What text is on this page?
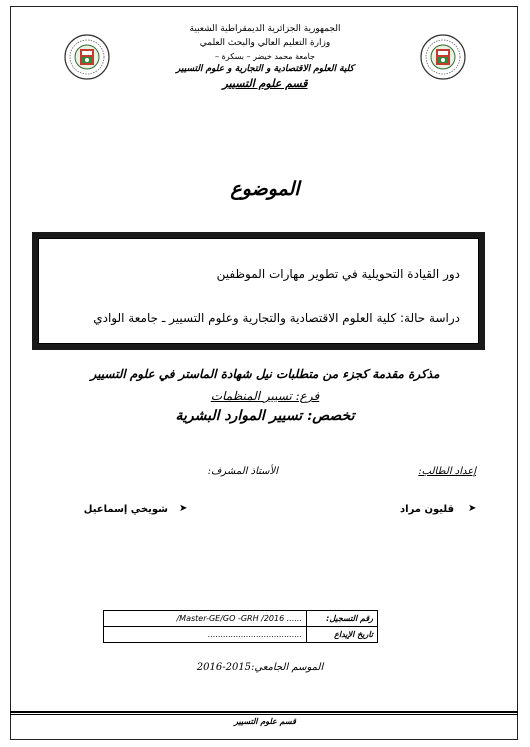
الجمهورية الجزائرية الديمقراطية الشعبية
وزارة التعليم العالي والبحث العلمي
جامعة محمد خيضر – بسكرة –
كلية العلوم الاقتصادية و التجارية و علوم التسيير
قسم علوم التسيير
الموضوع
دور القيادة التحويلية في تطوير مهارات الموظفين
دراسة حالة: كلية العلوم الاقتصادية والتجارية وعلوم التسيير ـ جامعة الوادي
مذكرة مقدمة كجزء من متطلبات نيل شهادة الماستر في علوم التسيير
فرع: تسيير المنظمات
تخصص: تسيير الموارد البشرية
إعداد الطالب:
الأستاذ المشرف:
➤
قليون مراد
➤
شويخي إسماعيل
/Master-GE/GO -GRH /2016 ......	رقم التسجيل:
.....................................	تاريخ الإيداع
الموسم الجامعي:2015-2016
قسم علوم التسيير
